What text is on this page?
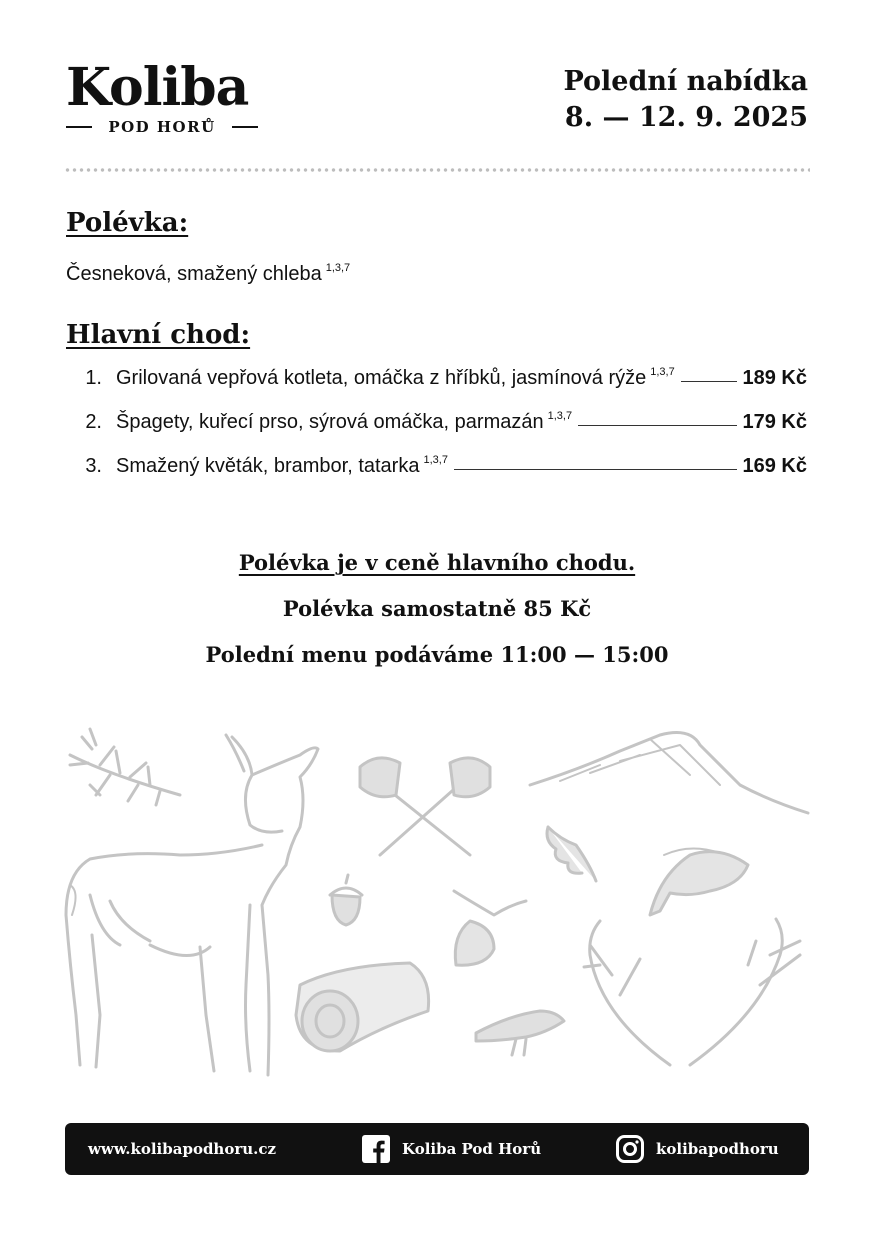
Koliba
POD HORŮ
Polední nabídka
8. — 12. 9. 2025
Polévka:
Česneková, smažený chleba $^{1,3,7}$
Hlavní chod:
1. Grilovaná vepřová kotleta, omáčka z hříbků, jasmínová rýže $^{1,3,7}$	189 Kč
2. Špagety, kuřecí prso, sýrová omáčka, parmazán $^{1,3,7}$	179 Kč
3. Smažený květák, brambor, tatarka $^{1,3,7}$	169 Kč
Polévka je v ceně hlavního chodu.
Polévka samostatně 85 Kč
Polední menu podáváme 11:00 — 15:00
www.kolibapodhoru.cz	Koliba Pod Horů	kolibapodhoru
